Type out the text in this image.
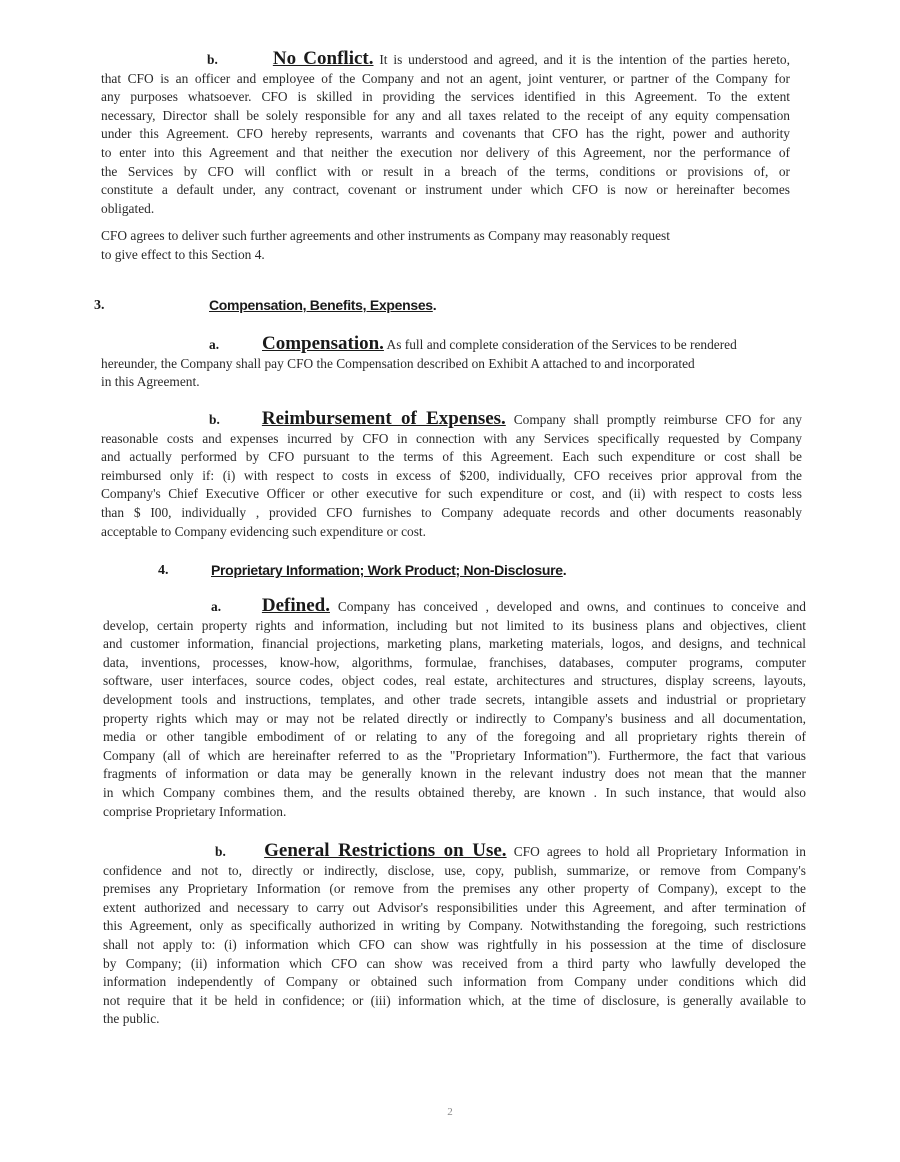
b.	No Conflict. It is understood and agreed, and it is the intention of the parties hereto,
that CFO is an officer and employee of the Company and not an agent, joint venturer, or partner of the Company for
any purposes whatsoever. CFO is skilled in providing the services identified in this Agreement. To the extent
necessary, Director shall be solely responsible for any and all taxes related to the receipt of any equity compensation
under this Agreement. CFO hereby represents, warrants and covenants that CFO has the right, power and authority
to enter into this Agreement and that neither the execution nor delivery of this Agreement, nor the performance of
the Services by CFO will conflict with or result in a breach of the terms, conditions or provisions of, or
constitute a default under, any contract, covenant or instrument under which CFO is now or hereinafter becomes
obligated.
CFO agrees to deliver such further agreements and other instruments as Company may reasonably request
to give effect to this Section 4.
3.	Compensation, Benefits, Expenses.
a. Compensation. As full and complete consideration of the Services to be rendered
hereunder, the Company shall pay CFO the Compensation described on Exhibit A attached to and incorporated
in this Agreement.
b. Reimbursement of Expenses. Company shall promptly reimburse CFO for any
reasonable costs and expenses incurred by CFO in connection with any Services specifically requested by Company
and actually performed by CFO pursuant to the terms of this Agreement. Each such expenditure or cost shall be
reimbursed only if: (i) with respect to costs in excess of $200, individually, CFO receives prior approval from the
Company's Chief Executive Officer or other executive for such expenditure or cost, and (ii) with respect to costs less
than $ I00, individually , provided CFO furnishes to Company adequate records and other documents reasonably
acceptable to Company evidencing such expenditure or cost.
4.	Proprietary Information; Work Product; Non-Disclosure.
a. Defined. Company has conceived , developed and owns, and continues to conceive and
develop, certain property rights and information, including but not limited to its business plans and objectives, client
and customer information, financial projections, marketing plans, marketing materials, logos, and designs, and technical
data, inventions, processes, know-how, algorithms, formulae, franchises, databases, computer programs, computer
software, user interfaces, source codes, object codes, real estate, architectures and structures, display screens, layouts,
development tools and instructions, templates, and other trade secrets, intangible assets and industrial or proprietary
property rights which may or may not be related directly or indirectly to Company's business and all documentation,
media or other tangible embodiment of or relating to any of the foregoing and all proprietary rights therein of
Company (all of which are hereinafter referred to as the "Proprietary Information"). Furthermore, the fact that various
fragments of information or data may be generally known in the relevant industry does not mean that the manner
in which Company combines them, and the results obtained thereby, are known . In such instance, that would also
comprise Proprietary Information.
b. General Restrictions on Use. CFO agrees to hold all Proprietary Information in
confidence and not to, directly or indirectly, disclose, use, copy, publish, summarize, or remove from Company's
premises any Proprietary Information (or remove from the premises any other property of Company), except to the
extent authorized and necessary to carry out Advisor's responsibilities under this Agreement, and after termination of
this Agreement, only as specifically authorized in writing by Company. Notwithstanding the foregoing, such restrictions
shall not apply to: (i) information which CFO can show was rightfully in his possession at the time of disclosure
by Company; (ii) information which CFO can show was received from a third party who lawfully developed the
information independently of Company or obtained such information from Company under conditions which did
not require that it be held in confidence; or (iii) information which, at the time of disclosure, is generally available to
the public.
2
